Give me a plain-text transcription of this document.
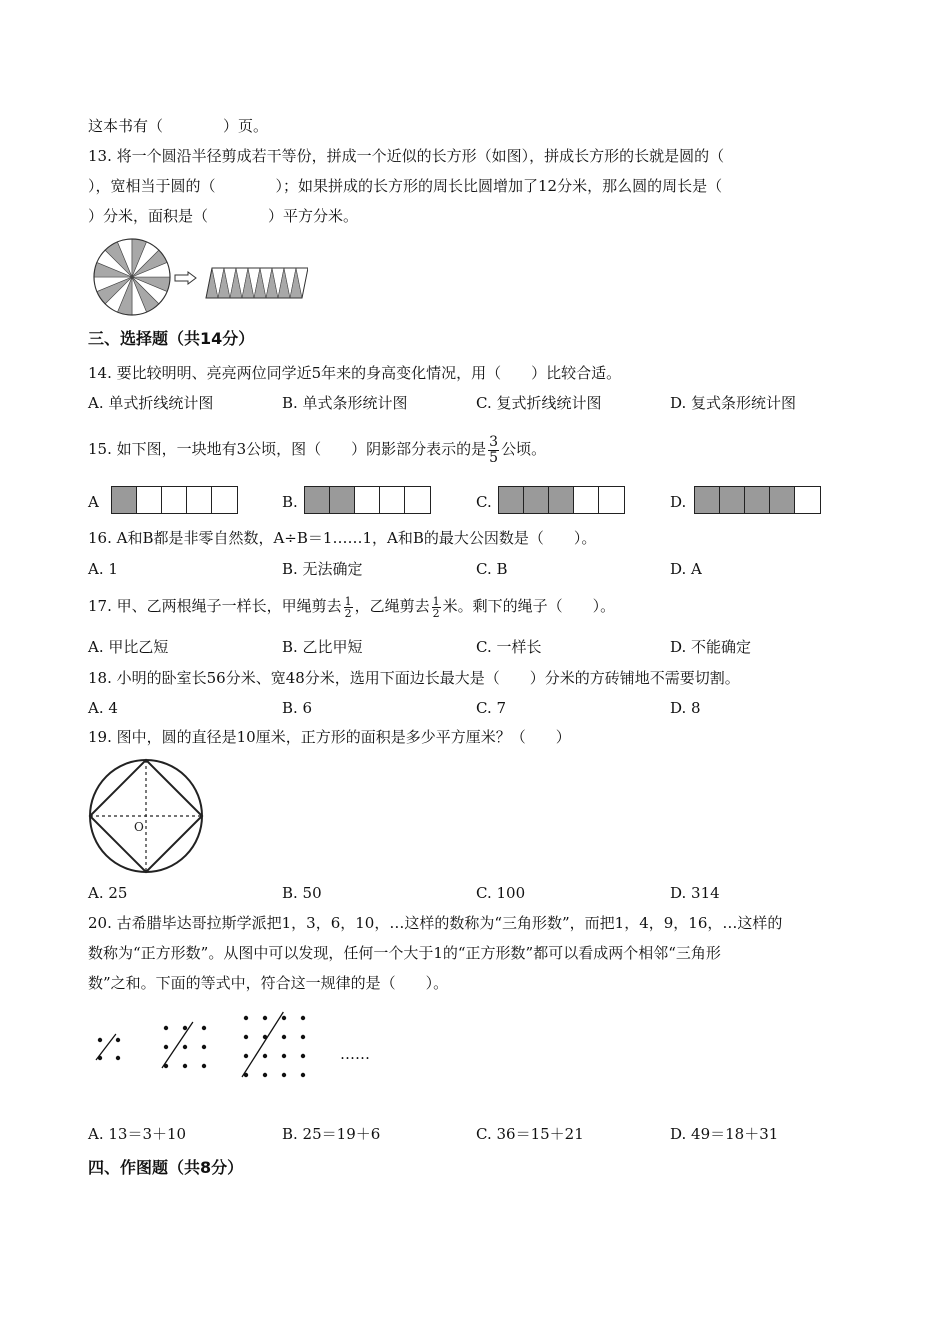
这本书有（　　　　）页。
13. 将一个圆沿半径剪成若干等份，拼成一个近似的长方形（如图），拼成长方形的长就是圆的（
），宽相当于圆的（　　　　）；如果拼成的长方形的周长比圆增加了12分米，那么圆的周长是（
）分米，面积是（　　　　）平方分米。
三、选择题（共14分）
14. 要比较明明、亮亮两位同学近5年来的身高变化情况，用（　　）比较合适。
A. 单式折线统计图	B. 单式条形统计图	C. 复式折线统计图	D. 复式条形统计图
15. 如下图，一块地有3公顷，图（　　）阴影部分表示的是 $\frac{3}{5}$ 公顷。
A	B.	C.	D.
16. A和B都是非零自然数，A÷B＝1……1，A和B的最大公因数是（　　）。
A. 1	B. 无法确定	C. B	D. A
17. 甲、乙两根绳子一样长，甲绳剪去 $\frac{1}{2}$ ，乙绳剪去 $\frac{1}{2}$ 米。剩下的绳子（　　）。
A. 甲比乙短	B. 乙比甲短	C. 一样长	D. 不能确定
18. 小明的卧室长56分米、宽48分米，选用下面边长最大是（　　）分米的方砖铺地不需要切割。
A. 4	B. 6	C. 7	D. 8
19. 图中，圆的直径是10厘米，正方形的面积是多少平方厘米？（　　）
O
A. 25	B. 50	C. 100	D. 314
20. 古希腊毕达哥拉斯学派把1，3，6，10，…这样的数称为“三角形数”，而把1，4，9，16，…这样的
数称为“正方形数”。从图中可以发现，任何一个大于1的“正方形数”都可以看成两个相邻“三角形
数”之和。下面的等式中，符合这一规律的是（　　）。
……
A. 13＝3＋10	B. 25＝19＋6	C. 36＝15＋21	D. 49＝18＋31
四、作图题（共8分）
